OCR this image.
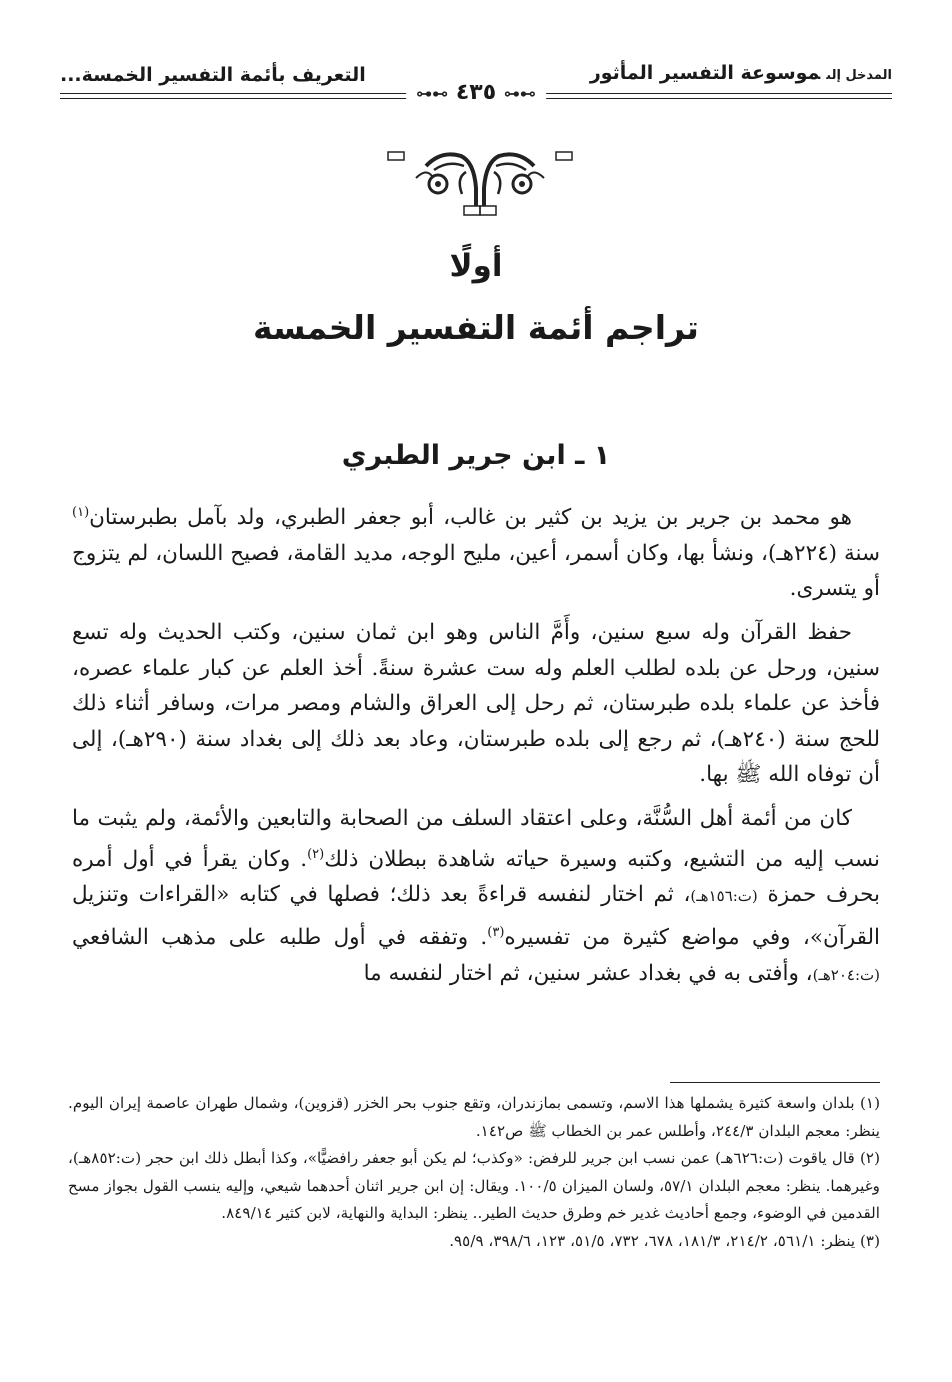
المدخل إلىموسوعة التفسير المأثور
⊶⊷ ٤٣٥ ⊶⊷
التعريف بأئمة التفسير الخمسة...
أولًا
تراجم أئمة التفسير الخمسة
١ ـ ابن جرير الطبري

هو محمد بن جرير بن يزيد بن كثير بن غالب، أبو جعفر الطبري، ولد بآمل بطبرستان$^{(١)}$ سنة (٢٢٤هـ)، ونشأ بها، وكان أسمر، أعين، مليح الوجه، مديد القامة، فصيح اللسان، لم يتزوج أو يتسرى.

حفظ القرآن وله سبع سنين، وأَمَّ الناس وهو ابن ثمان سنين، وكتب الحديث وله تسع سنين، ورحل عن بلده لطلب العلم وله ست عشرة سنةً. أخذ العلم عن كبار علماء عصره، فأخذ عن علماء بلده طبرستان، ثم رحل إلى العراق والشام ومصر مرات، وسافر أثناء ذلك للحج سنة (٢٤٠هـ)، ثم رجع إلى بلده طبرستان، وعاد بعد ذلك إلى بغداد سنة (٢٩٠هـ)، إلى أن توفاه الله ﷺ بها.

كان من أئمة أهل السُّنَّة، وعلى اعتقاد السلف من الصحابة والتابعين والأئمة، ولم يثبت ما نسب إليه من التشيع، وكتبه وسيرة حياته شاهدة ببطلان ذلك$^{(٢)}$. وكان يقرأ في أول أمره بحرف حمزة (ت:١٥٦هـ)، ثم اختار لنفسه قراءةً بعد ذلك؛ فصلها في كتابه «القراءات وتنزيل القرآن»، وفي مواضع كثيرة من تفسيره$^{(٣)}$. وتفقه في أول طلبه على مذهب الشافعي (ت:٢٠٤هـ)، وأفتى به في بغداد عشر سنين، ثم اختار لنفسه ما

(١) بلدان واسعة كثيرة يشملها هذا الاسم، وتسمى بمازندران، وتقع جنوب بحر الخزر (قزوين)، وشمال طهران عاصمة إيران اليوم. ينظر: معجم البلدان ٢٤٤/٣، وأطلس عمر بن الخطاب ﷺ ص١٤٢.

(٢) قال ياقوت (ت:٦٢٦هـ) عمن نسب ابن جرير للرفض: «وكذب؛ لم يكن أبو جعفر رافضيًّا»، وكذا أبطل ذلك ابن حجر (ت:٨٥٢هـ)، وغيرهما. ينظر: معجم البلدان ٥٧/١، ولسان الميزان ١٠٠/٥. ويقال: إن ابن جرير اثنان أحدهما شيعي، وإليه ينسب القول بجواز مسح القدمين في الوضوء، وجمع أحاديث غدير خم وطرق حديث الطير.. ينظر: البداية والنهاية، لابن كثير ٨٤٩/١٤.

(٣) ينظر: ٥٦١/١، ٢١٤/٢، ١٨١/٣، ٦٧٨، ٧٣٢، ٥١/٥، ١٢٣، ٣٩٨/٦، ٩٥/٩.
